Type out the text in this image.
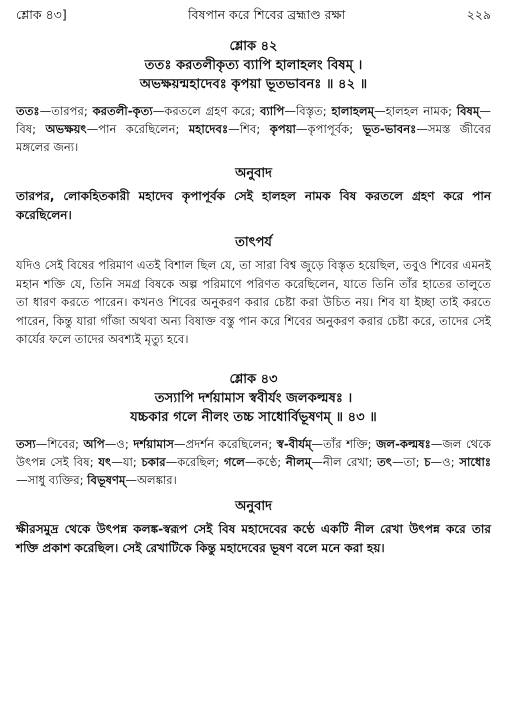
শ্লোক ৪৩]	বিষপান করে শিবের ব্রহ্মাণ্ড রক্ষা	২২৯
শ্লোক ৪২
ততঃ করতলীকৃত্য ব্যাপি হালাহলং বিষম্ ।
অভক্ষয়ন্মহাদেবঃ কৃপয়া ভূতভাবনঃ ॥ ৪২ ॥
ততঃ—তারপর; করতলী-কৃত্য—করতলে গ্রহণ করে; ব্যাপি—বিস্তৃত; হালাহলম্—হালহল নামক; বিষম্—বিষ; অভক্ষয়ৎ—পান করেছিলেন; মহাদেবঃ—শিব; কৃপয়া—কৃপাপূর্বক; ভূত-ভাবনঃ—সমস্ত জীবের মঙ্গলের জন্য।
অনুবাদ
তারপর, লোকহিতকারী মহাদেব কৃপাপূর্বক সেই হালহল নামক বিষ করতলে গ্রহণ করে পান করেছিলেন।
তাৎপর্য
যদিও সেই বিষের পরিমাণ এতই বিশাল ছিল যে, তা সারা বিশ্ব জুড়ে বিস্তৃত হয়েছিল, তবুও শিবের এমনই মহান শক্তি যে, তিনি সমগ্র বিষকে অল্প পরিমাণে পরিণত করেছিলেন, যাতে তিনি তাঁর হাতের তালুতে তা ধারণ করতে পারেন। কখনও শিবের অনুকরণ করার চেষ্টা করা উচিত নয়। শিব যা ইচ্ছা তাই করতে পারেন, কিন্তু যারা গাঁজা অথবা অন্য বিষাক্ত বস্তু পান করে শিবের অনুকরণ করার চেষ্টা করে, তাদের সেই কার্যের ফলে তাদের অবশ্যই মৃত্যু হবে।
শ্লোক ৪৩
তস্যাপি দর্শয়ামাস স্ববীর্যং জলকল্মষঃ ।
যচ্চকার গলে নীলং তচ্চ সাধোর্বিভূষণম্ ॥ ৪৩ ॥
তস্য—শিবের; অপি—ও; দর্শয়ামাস—প্রদর্শন করেছিলেন; স্ব-বীর্যম্—তাঁর শক্তি; জল-কল্মষঃ—জল থেকে উৎপন্ন সেই বিষ; যৎ—যা; চকার—করেছিল; গলে—কণ্ঠে; নীলম্—নীল রেখা; তৎ—তা; চ—ও; সাধোঃ—সাধু ব্যক্তির; বিভূষণম্—অলঙ্কার।
অনুবাদ
ক্ষীরসমুদ্র থেকে উৎপন্ন কলঙ্ক-স্বরূপ সেই বিষ মহাদেবের কণ্ঠে একটি নীল রেখা উৎপন্ন করে তার শক্তি প্রকাশ করেছিল। সেই রেখাটিকে কিন্তু মহাদেবের ভূষণ বলে মনে করা হয়।
